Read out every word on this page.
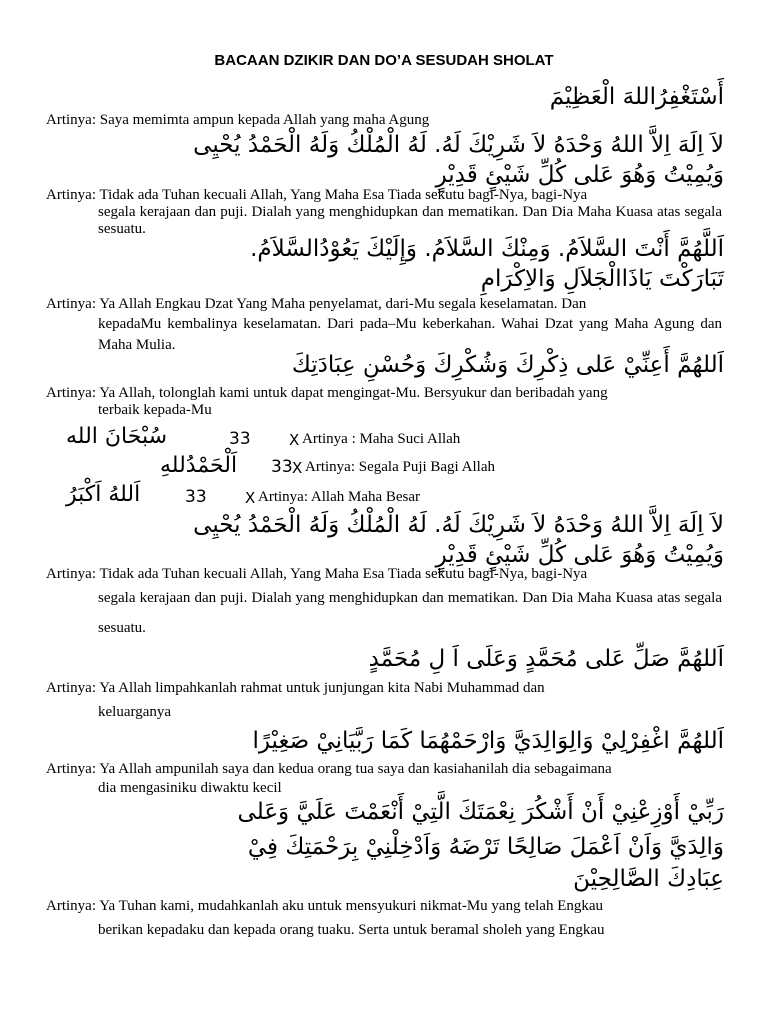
BACAAN DZIKIR DAN DO’A SESUDAH SHOLAT
أَسْتَغْفِرُاللهَ الْعَظِيْمَ
Artinya: Saya memimta ampun kepada Allah yang maha Agung
لاَ اِلَهَ اِلاَّ اللهُ وَحْدَهُ لاَ شَرِيْكَ لَهُ. لَهُ الْمُلْكُ وَلَهُ الْحَمْدُ يُحْيِى
وَيُمِيْتُ وَهُوَ عَلى كُلِّ شَيْئٍ قَدِيْرٍ
Artinya: Tidak ada Tuhan kecuali Allah, Yang Maha Esa Tiada sekutu bagi-Nya, bagi-Nya
segala kerajaan dan puji. Dialah yang menghidupkan dan mematikan. Dan Dia Maha Kuasa atas segala sesuatu.
اَللَّهُمَّ أَنْتَ السَّلاَمُ. وَمِنْكَ السَّلاَمُ. وَإِلَيْكَ يَعُوْدُالسَّلاَمُ.
تَبَارَكْتَ يَاذَاالْجَلاَلِ وَالاِكْرَامِ
Artinya: Ya Allah Engkau Dzat Yang Maha penyelamat, dari-Mu segala keselamatan. Dan
kepadaMu kembalinya keselamatan. Dari pada–Mu keberkahan. Wahai Dzat yang Maha Agung dan Maha Mulia.
اَللهُمَّ أَعِنِّيْ عَلى ذِكْرِكَ وَشُكْرِكَ وَحُسْنِ عِبَادَتِكَ
Artinya: Ya Allah, tolonglah kami untuk dapat mengingat-Mu. Bersyukur dan beribadah yang
terbaik kepada-Mu
سُبْحَانَ الله	33	X Artinya : Maha Suci Allah
اَلْحَمْدُللهِ 33 X Artinya: Segala Puji Bagi Allah
اَللهُ اَكْبَرُ	33	X Artinya: Allah Maha Besar
لاَ اِلَهَ اِلاَّ اللهُ وَحْدَهُ لاَ شَرِيْكَ لَهُ. لَهُ الْمُلْكُ وَلَهُ الْحَمْدُ يُحْيِى
وَيُمِيْتُ وَهُوَ عَلى كُلِّ شَيْئٍ قَدِيْرٍ
Artinya: Tidak ada Tuhan kecuali Allah, Yang Maha Esa Tiada sekutu bagi-Nya, bagi-Nya
segala kerajaan dan puji. Dialah yang menghidupkan dan mematikan. Dan Dia Maha Kuasa atas segala sesuatu.
اَللهُمَّ صَلِّ عَلى مُحَمَّدٍ وَعَلَى اَ لِ مُحَمَّدٍ
Artinya: Ya Allah limpahkanlah rahmat untuk junjungan kita Nabi Muhammad dan
keluarganya
اَللهُمَّ اغْفِرْلِيْ وَالِوَالِدَيَّ وَارْحَمْهُمَا كَمَا رَبَّيَانِيْ صَغِيْرًا
Artinya: Ya Allah ampunilah saya dan kedua orang tua saya dan kasiahanilah dia sebagaimana
dia mengasiniku diwaktu kecil
رَبِّيْ أَوْزِعْنِيْ أَنْ أَشْكُرَ نِعْمَتَكَ الَّتِيْ أَنْعَمْتَ عَلَيَّ وَعَلى
وَالِدَيَّ وَاَنْ اَعْمَلَ صَالِحًا تَرْضَهُ وَاَدْخِلْنِيْ بِرَحْمَتِكَ فِيْ
عِبَادِكَ الصَّالِحِيْنَ
Artinya: Ya Tuhan kami, mudahkanlah aku untuk mensyukuri nikmat-Mu yang telah Engkau
berikan kepadaku dan kepada orang tuaku. Serta untuk beramal sholeh yang Engkau
